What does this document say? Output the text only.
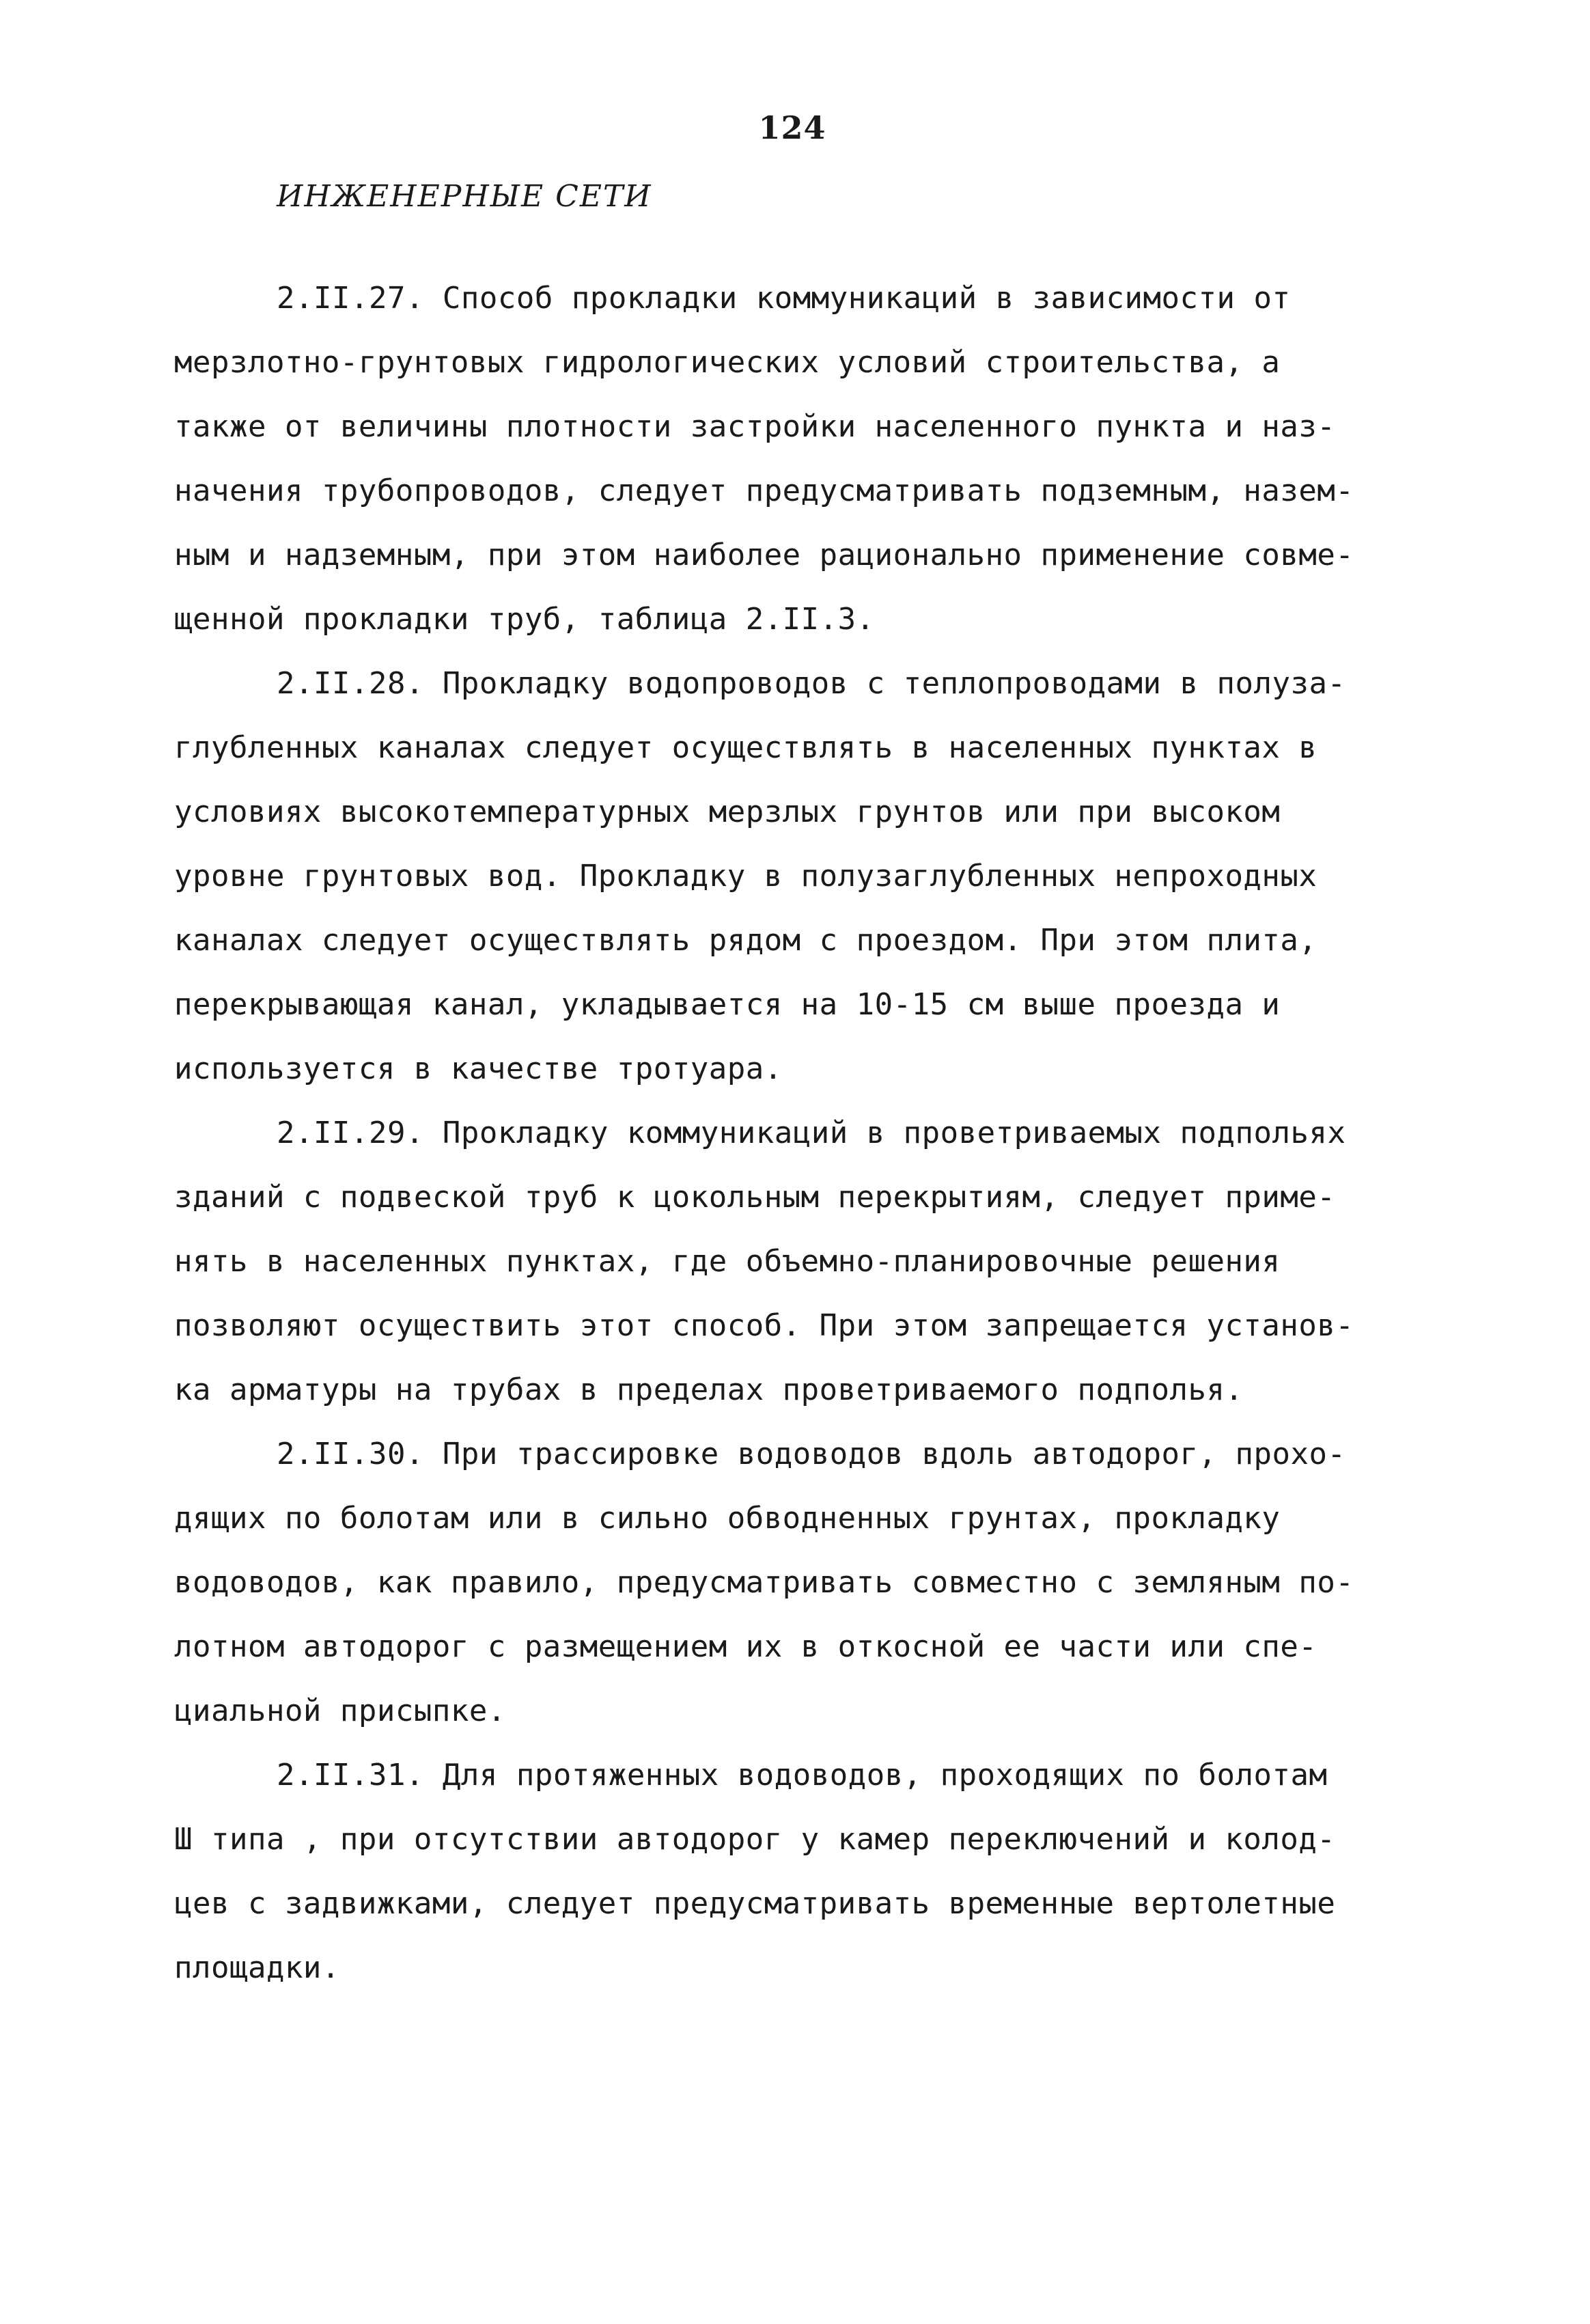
124
ИНЖЕНЕРНЫЕ СЕТИ

2.II.27. Способ прокладки коммуникаций в зависимости от
мерзлотно-грунтовых гидрологических условий строительства, а
также от величины плотности застройки населенного пункта и наз-
начения трубопроводов, следует предусматривать подземным, назем-
ным и надземным, при этом наиболее рационально применение совме-
щенной прокладки труб, таблица 2.II.3.

2.II.28. Прокладку водопроводов с теплопроводами в полуза-
глубленных каналах следует осуществлять в населенных пунктах в
условиях высокотемпературных мерзлых грунтов или при высоком
уровне грунтовых вод. Прокладку в полузаглубленных непроходных
каналах следует осуществлять рядом с проездом. При этом плита,
перекрывающая канал, укладывается на 10-15 см выше проезда и
используется в качестве тротуара.

2.II.29. Прокладку коммуникаций в проветриваемых подпольях
зданий с подвеской труб к цокольным перекрытиям, следует приме-
нять в населенных пунктах, где объемно-планировочные решения
позволяют осуществить этот способ. При этом запрещается установ-
ка арматуры на трубах в пределах проветриваемого подполья.

2.II.30. При трассировке водоводов вдоль автодорог, прохо-
дящих по болотам или в сильно обводненных грунтах, прокладку
водоводов, как правило, предусматривать совместно с земляным по-
лотном автодорог с размещением их в откосной ее части или спе-
циальной присыпке.

2.II.31. Для протяженных водоводов, проходящих по болотам
Ш типа , при отсутствии автодорог у камер переключений и колод-
цев с задвижками, следует предусматривать временные вертолетные
площадки.
